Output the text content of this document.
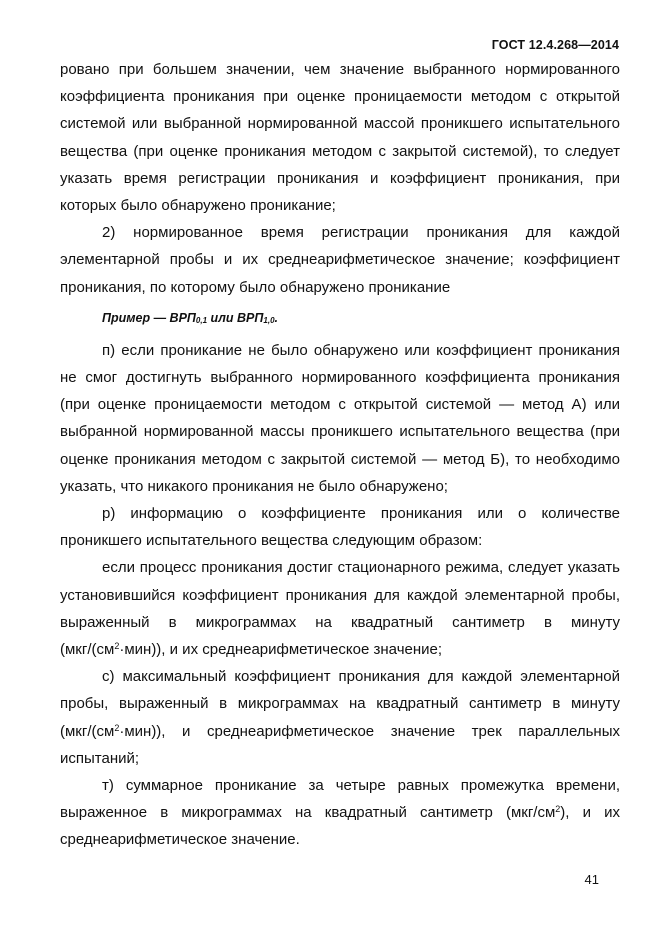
ГОСТ 12.4.268—2014

ровано при большем значении, чем значение выбранного нормированного коэффициента проникания при оценке проницаемости методом с открытой системой или выбранной нормированной массой проникшего испытательного вещества (при оценке проникания методом с закрытой системой), то следует указать время регистрации проникания и коэффициент проникания, при которых было обнаружено проникание;

2) нормированное время регистрации проникания для каждой элементарной пробы и их среднеарифметическое значение; коэффициент проникания, по которому было обнаружено проникание

Пример — $ВРП_{0,1}$ или $ВРП_{1,0}$.

п) если проникание не было обнаружено или коэффициент проникания не смог достигнуть выбранного нормированного коэффициента проникания (при оценке проницаемости методом с открытой системой — метод А) или выбранной нормированной массы проникшего испытательного вещества (при оценке проникания методом с закрытой системой — метод Б), то необходимо указать, что никакого проникания не было обнаружено;

р) информацию о коэффициенте проникания или о количестве проникшего испытательного вещества следующим образом:

если процесс проникания достиг стационарного режима, следует указать установившийся коэффициент проникания для каждой элементарной пробы, выраженный в микрограммах на квадратный сантиметр в минуту $(мкг/(см^2\cdot мин))$, и их среднеарифметическое значение;

с) максимальный коэффициент проникания для каждой элементарной пробы, выраженный в микрограммах на квадратный сантиметр в минуту $(мкг/(см^2\cdot мин))$, и среднеарифметическое значение трек параллельных испытаний;

т) суммарное проникание за четыре равных промежутка времени, выраженное в микрограммах на квадратный сантиметр $(мкг/см^2)$, и их среднеарифметическое значение.

41
